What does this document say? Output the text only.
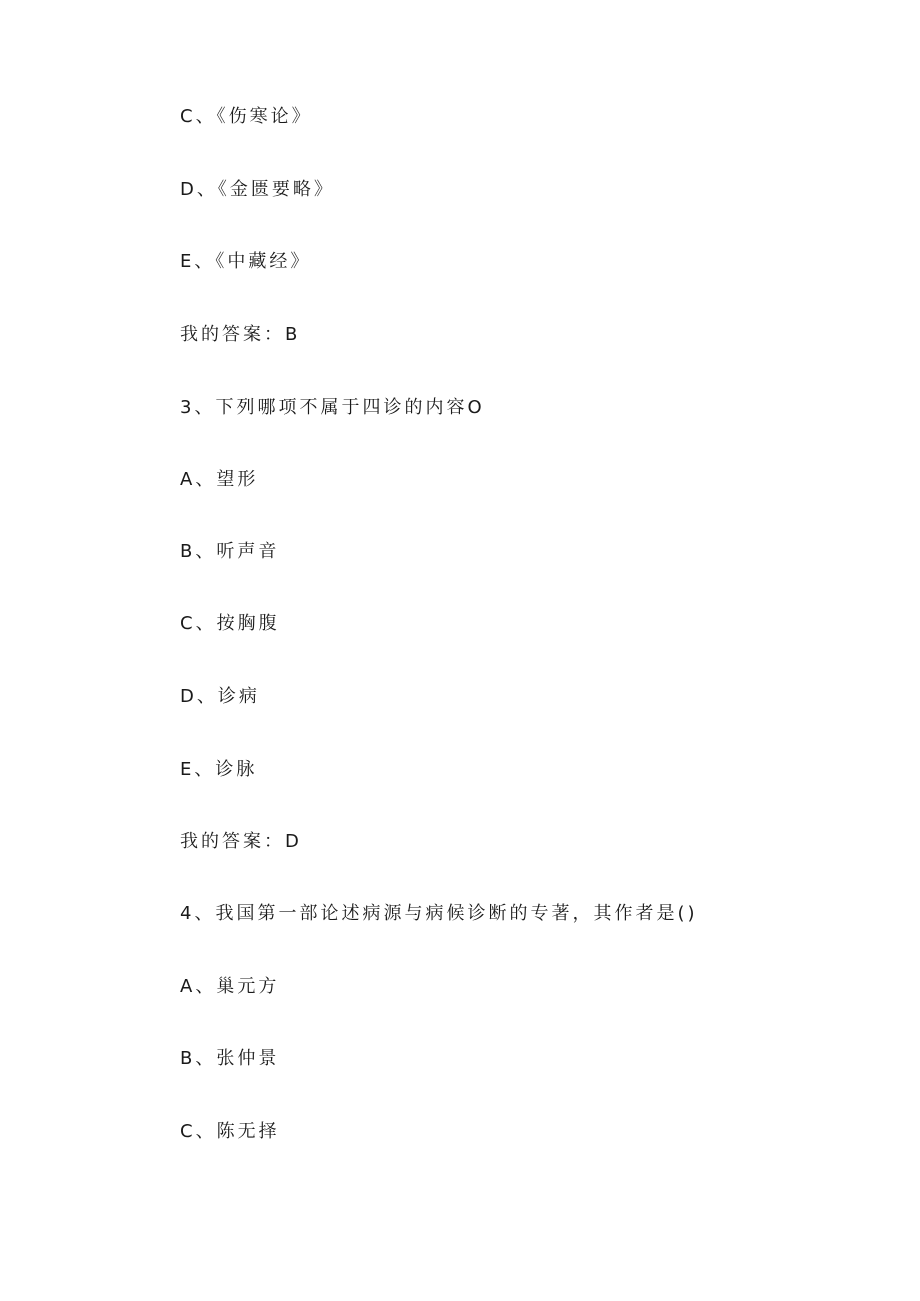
C、《伤寒论》
D、《金匮要略》
E、《中藏经》
我的答案：B
3、下列哪项不属于四诊的内容O
A、望形
B、听声音
C、按胸腹
D、诊病
E、诊脉
我的答案：D
4、我国第一部论述病源与病候诊断的专著，其作者是()
A、巢元方
B、张仲景
C、陈无择
